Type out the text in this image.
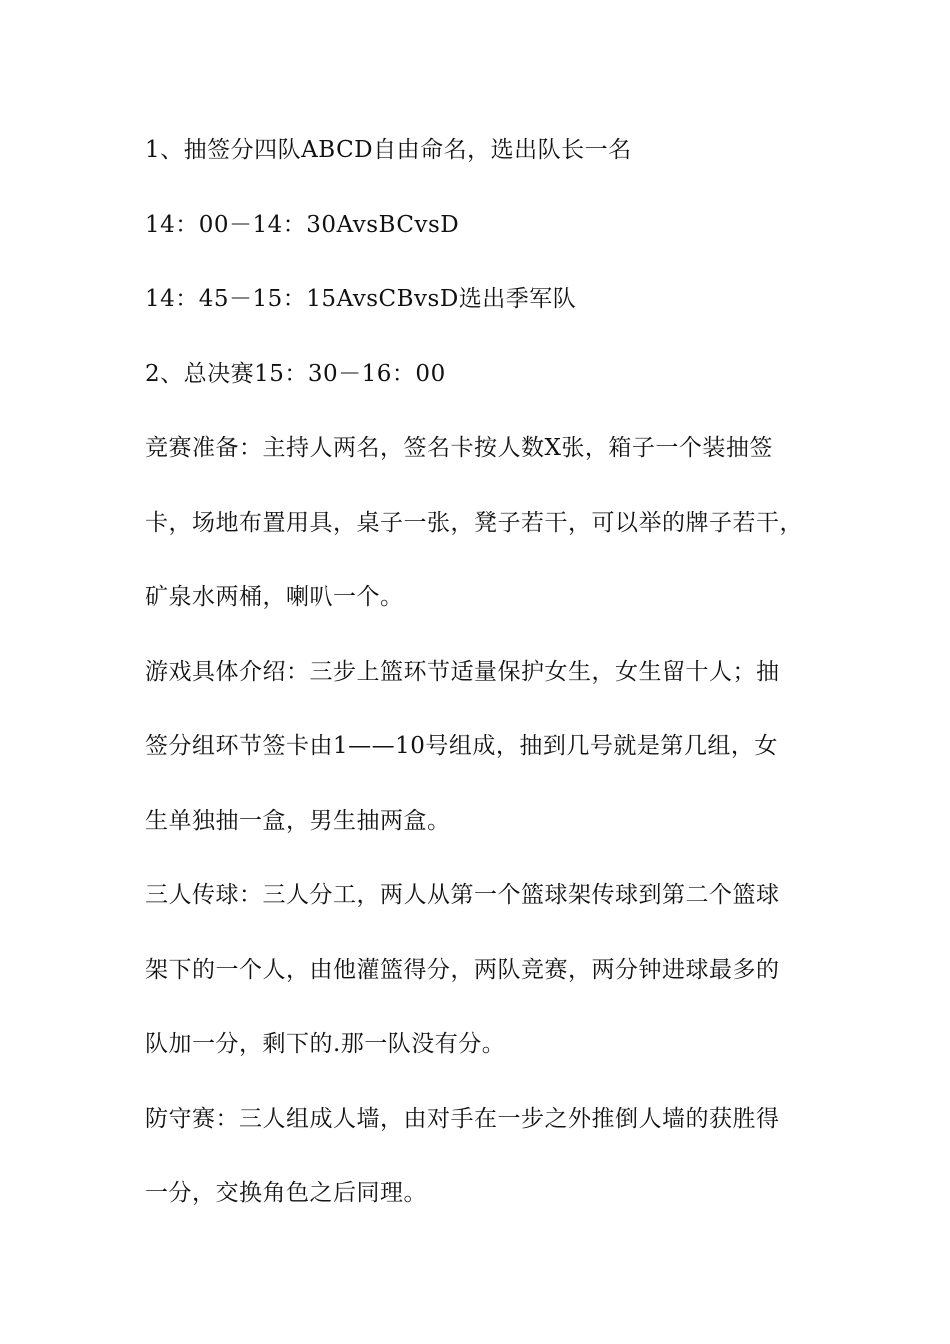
1、抽签分四队ABCD自由命名，选出队长一名
14：00－14：30AvsBCvsD
14：45－15：15AvsCBvsD选出季军队
2、总决赛15：30－16：00
竞赛准备：主持人两名，签名卡按人数X张，箱子一个装抽签
卡，场地布置用具，桌子一张，凳子若干，可以举的牌子若干，
矿泉水两桶，喇叭一个。
游戏具体介绍：三步上篮环节适量保护女生，女生留十人；抽
签分组环节签卡由1——10号组成，抽到几号就是第几组，女
生单独抽一盒，男生抽两盒。
三人传球：三人分工，两人从第一个篮球架传球到第二个篮球
架下的一个人，由他灌篮得分，两队竞赛，两分钟进球最多的
队加一分，剩下的.那一队没有分。
防守赛：三人组成人墙，由对手在一步之外推倒人墙的获胜得
一分，交换角色之后同理。
